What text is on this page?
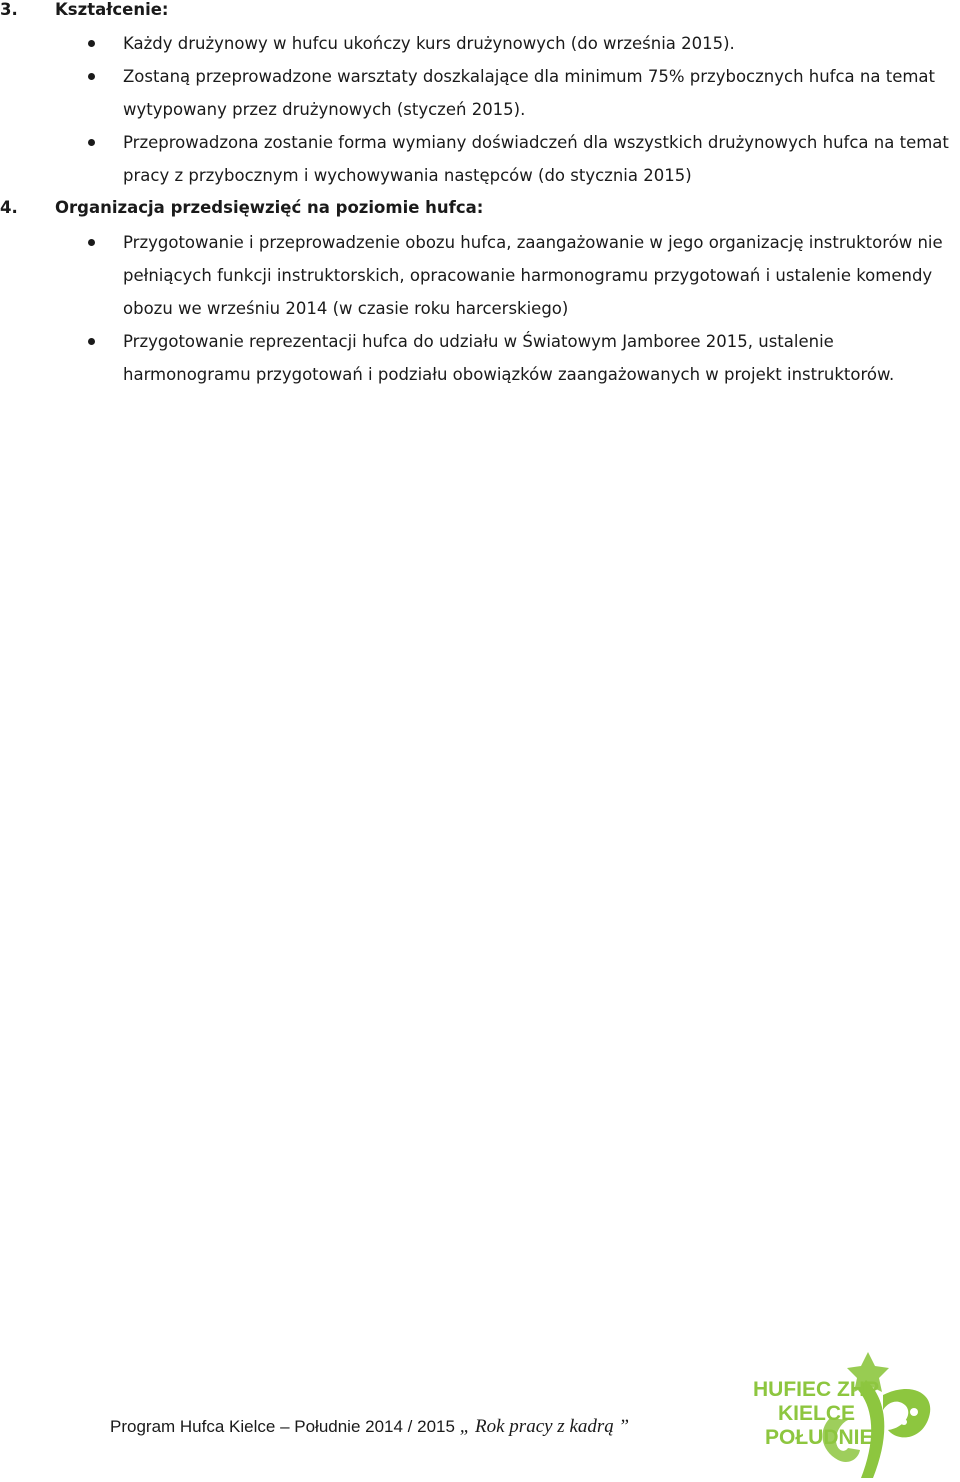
3. Kształcenie:
Każdy drużynowy w hufcu ukończy kurs drużynowych (do września 2015).
Zostaną przeprowadzone warsztaty doszkalające dla minimum 75% przybocznych hufca na temat wytypowany przez drużynowych (styczeń 2015).
Przeprowadzona zostanie forma wymiany doświadczeń dla wszystkich drużynowych hufca na temat pracy z przybocznym i wychowywania następców (do stycznia 2015)
4. Organizacja przedsięwzięć na poziomie hufca:
Przygotowanie i przeprowadzenie obozu hufca, zaangażowanie w jego organizację instruktorów nie pełniących funkcji instruktorskich, opracowanie harmonogramu przygotowań i ustalenie komendy obozu we wrześniu 2014 (w czasie roku harcerskiego)
Przygotowanie reprezentacji hufca do udziału w Światowym Jamboree 2015, ustalenie harmonogramu przygotowań i podziału obowiązków zaangażowanych w projekt instruktorów.
Program Hufca Kielce – Południe 2014 / 2015 „ Rok pracy z kadrą ”
HUFIEC ZHP
KIELCE
POŁUDNIE
